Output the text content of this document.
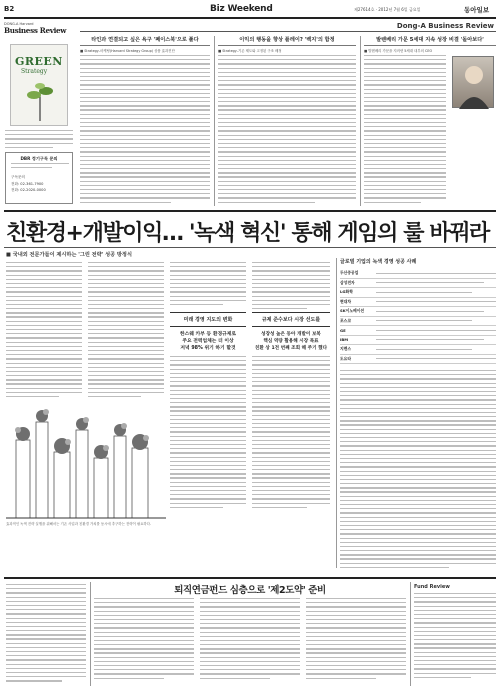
B2	Biz Weekend	제27614호 · 2012년 7월 6일 금요일	동아일보
DONG-A Harvard
Business Review
GREEN
Strategy
DBR 정기구독 문의
구독문의
전화: 02-361-7900
전화: 02-2020-0000
Dong-A Business Review
타인과 연결되고 싶은 욕구 '페이스북'으로 풀다
■ Strategy-마케팅(Harvard Strategy Group) 상품 효과진단
이익의 행동을 향상 플레이? '백지'의 함정
■ Strategy-기존 제도와 고정된 구조 배정
발렌베리 가문 5세대 지속 성장 비결 '돌아보다'
■ 발렌베리 가문을 지켜낸 5세대 내부의 CEO
친환경+개발이익… '녹색 혁신' 통해 게임의 룰 바꿔라
■ 국내외 전문가들이 제시하는 '그린 전략' 성공 방정식
미래 경영 지도의 변화
한스웨 카부 등 환경규제로
주요 전력업체는 더 이상
저녁 98% 위기 하기 할것
규제 준수보다 시장 선도를
성장성 높은 동아 개발이 보복
핵심 역량 활용해 시장 목표
친환 상 1전 번째 조회 해 주기 했다
효과적인 녹색 전략 실행을 위해서는 기존 사업과 친환경 가치를 동시에 추구하는 전략이 필요하다.
글로벌 기업의 녹색 경영 성공 사례
두산중공업
삼성전자
LG화학
현대차
SK이노베이션
포스코
GE
IBM
지멘스
도요타
퇴직연금펀드 심층으로 '제2도약' 준비	Fund Review
